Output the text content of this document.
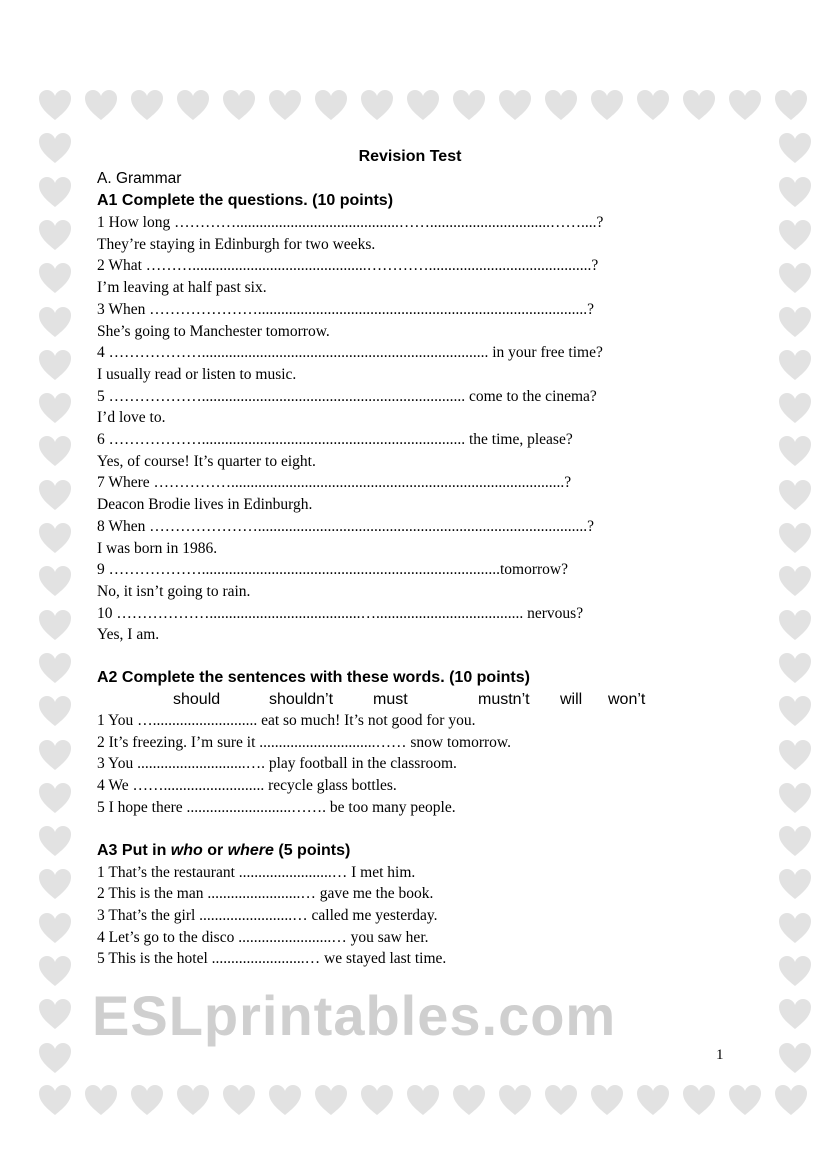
ESLprintables.com
Revision Test
A. Grammar
A1 Complete the questions. (10 points)
1 How long …………..........................................……...............................……....?
They’re staying in Edinburgh for two weeks.
2 What ……….............................................…………..........................................?
I’m leaving at half past six.
3 When ………………….....................................................................................?
She’s going to Manchester tomorrow.
4 ……………….......................................................................... in your free time?
I usually read or listen to music.
5 ……………….................................................................... come to the cinema?
I’d love to.
6 ……………….................................................................... the time, please?
Yes, of course! It’s quarter to eight.
7 Where ……………......................................................................................?
Deacon Brodie lives in Edinburgh.
8 When ………………….....................................................................................?
I was born in 1986.
9 ……………….............................................................................tomorrow?
No, it isn’t going to rain.
10 ……………….......................................…...................................... nervous?
Yes, I am.
A2 Complete the sentences with these words. (10 points)
should	shouldn’t must	mustn’t will won’t
1 You …........................... eat so much! It’s not good for you.
2 It’s freezing. I’m sure it ..............................…… snow tomorrow.
3 You ............................…. play football in the classroom.
4 We …….......................... recycle glass bottles.
5 I hope there ...........................……. be too many people.
A3 Put in who or where (5 points)
1 That’s the restaurant ........................… I met him.
2 This is the man ........................… gave me the book.
3 That’s the girl ........................… called me yesterday.
4 Let’s go to the disco ........................… you saw her.
5 This is the hotel ........................… we stayed last time.
1
